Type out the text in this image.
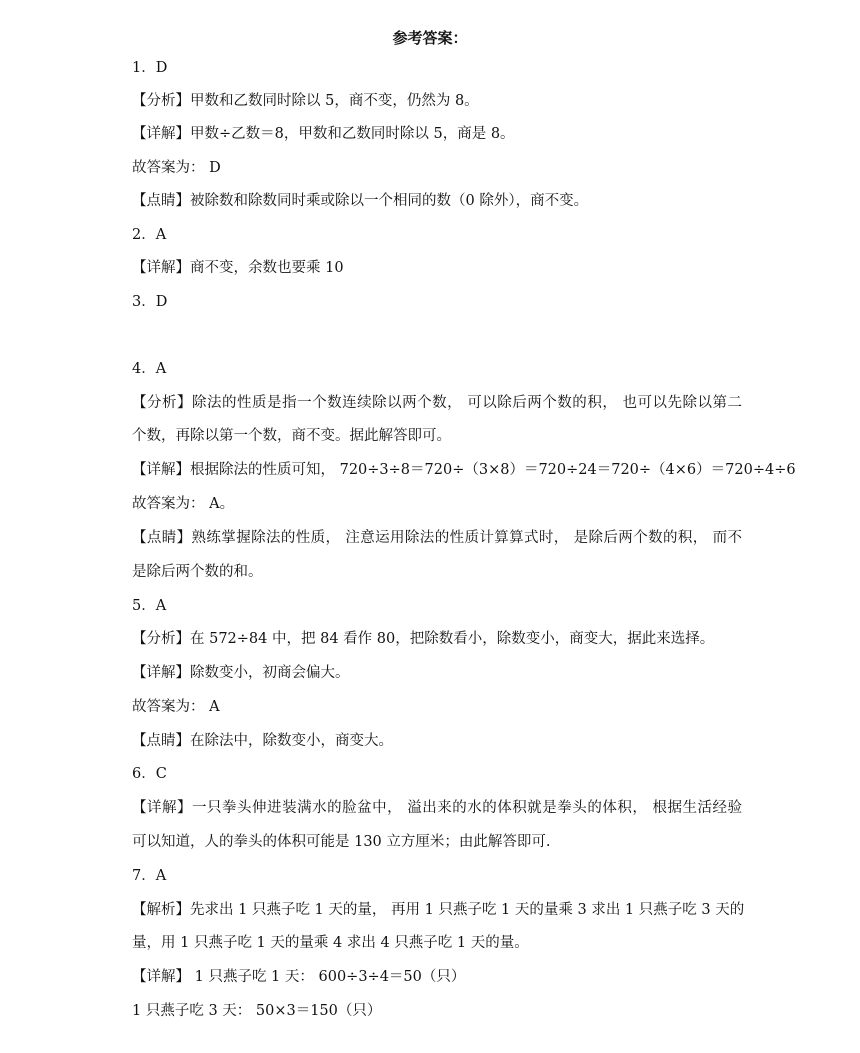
参考答案：
1．D
【分析】甲数和乙数同时除以 5，商不变，仍然为 8。
【详解】甲数÷乙数＝8，甲数和乙数同时除以 5，商是 8。
故答案为： D
【点睛】被除数和除数同时乘或除以一个相同的数（0 除外），商不变。
2．A
【详解】商不变，余数也要乘 10
3．D
4．A
【分析】除法的性质是指一个数连续除以两个数， 可以除后两个数的积， 也可以先除以第二
个数，再除以第一个数，商不变。据此解答即可。
【详解】根据除法的性质可知， 720÷3÷8＝720÷（3×8）＝720÷24＝720÷（4×6）＝720÷4÷6
故答案为： A。
【点睛】熟练掌握除法的性质， 注意运用除法的性质计算算式时， 是除后两个数的积， 而不
是除后两个数的和。
5．A
【分析】在 572÷84 中，把 84 看作 80，把除数看小，除数变小，商变大，据此来选择。
【详解】除数变小，初商会偏大。
故答案为： A
【点睛】在除法中，除数变小，商变大。
6．C
【详解】一只拳头伸进装满水的脸盆中， 溢出来的水的体积就是拳头的体积， 根据生活经验
可以知道，人的拳头的体积可能是 130 立方厘米；由此解答即可.
7．A
【解析】先求出 1 只燕子吃 1 天的量， 再用 1 只燕子吃 1 天的量乘 3 求出 1 只燕子吃 3 天的
量，用 1 只燕子吃 1 天的量乘 4 求出 4 只燕子吃 1 天的量。
【详解】 1 只燕子吃 1 天： 600÷3÷4＝50（只）
1 只燕子吃 3 天： 50×3＝150（只）
